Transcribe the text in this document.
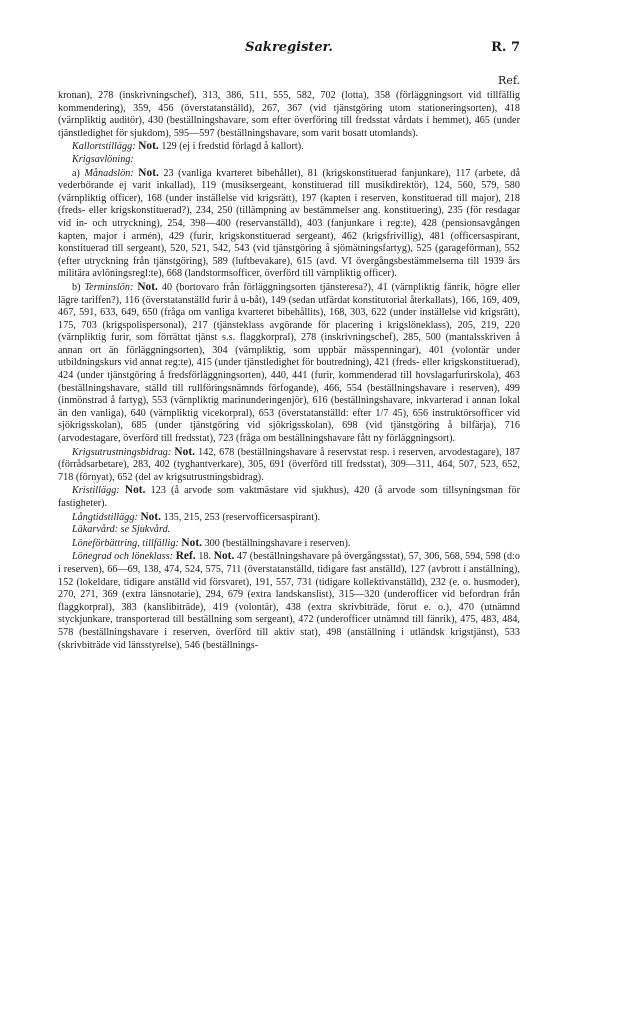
Sakregister.	R. 7
Ref.

kronan), 278 (inskrivningschef), 313, 386, 511, 555, 582, 702 (lotta), 358 (förläggningsort vid tillfällig kommendering), 359, 456 (överstatanställd), 267, 367 (vid tjänstgöring utom stationeringsorten), 418 (värnpliktig auditör), 430 (beställningshavare, som efter överföring till fredsstat vårdats i hemmet), 465 (under tjänstledighet för sjukdom), 595—597 (beställningshavare, som varit bosatt utomlands).

Kallortstillägg: Not. 129 (ej i fredstid förlagd å kallort).

Krigsavlöning:

a) Månadslön: Not. 23 (vanliga kvarteret bibehållet), 81 (krigskonstituerad fanjunkare), 117 (arbete, då vederbörande ej varit inkallad), 119 (musiksergeant, konstituerad till musikdirektör), 124, 560, 579, 580 (värnpliktig officer), 168 (under inställelse vid krigsrätt), 197 (kapten i reserven, konstituerad till major), 218 (freds- eller krigskonstituerad?), 234, 250 (tillämpning av bestämmelser ang. konstituering), 235 (för resdagar vid in- och utryckning), 254, 398—400 (reservanställd), 403 (fanjunkare i reg:te), 428 (pensionsavgången kapten, major i armén), 429 (furir, krigskonstituerad sergeant), 462 (krigsfrivillig), 481 (officersaspirant, konstituerad till sergeant), 520, 521, 542, 543 (vid tjänstgöring å sjömätningsfartyg), 525 (garageförman), 552 (efter utryckning från tjänstgöring), 589 (luftbevakare), 615 (avd. VI övergångsbestämmelserna till 1939 års militära avlöningsregl:te), 668 (landstormsofficer, överförd till värnpliktig officer).

b) Terminslön: Not. 40 (bortovaro från förläggningsorten tjänsteresa?), 41 (värnpliktig fänrik, högre eller lägre tariffen?), 116 (överstatanställd furir å u-båt), 149 (sedan utfärdat konstitutorial återkallats), 166, 169, 409, 467, 591, 633, 649, 650 (fråga om vanliga kvarteret bibehållits), 168, 303, 622 (under inställelse vid krigsrätt), 175, 703 (krigspolispersonal), 217 (tjänsteklass avgörande för placering i krigslöneklass), 205, 219, 220 (värnpliktig furir, som förrättat tjänst s.s. flaggkorpral), 278 (inskrivningschef), 285, 500 (mantalsskriven å annan ort än förläggningsorten), 304 (värnpliktig, som uppbär mässpenningar), 401 (volontär under utbildningskurs vid annat reg:te), 415 (under tjänstledighet för boutredning), 421 (freds- eller krigskonstituerad), 424 (under tjänstgöring å fredsförläggningsorten), 440, 441 (furir, kommenderad till hovslagarfurirskola), 463 (beställningshavare, ställd till rullföringsnämnds förfogande), 466, 554 (beställningshavare i reserven), 499 (inmönstrad å fartyg), 553 (värnpliktig marinunderingenjör), 616 (beställningshavare, inkvarterad i annan lokal än den vanliga), 640 (värnpliktig vicekorpral), 653 (överstatanställd: efter 1/7 45), 656 instruktörsofficer vid sjökrigsskolan), 685 (under tjänstgöring vid sjökrigsskolan), 698 (vid tjänstgöring å bilfärja), 716 (arvodestagare, överförd till fredsstat), 723 (fråga om beställningshavare fått ny förläggningsort).

Krigsutrustningsbidrag: Not. 142, 678 (beställningshavare å reservstat resp. i reserven, arvodestagare), 187 (förrådsarbetare), 283, 402 (tyghantverkare), 305, 691 (överförd till fredsstat), 309—311, 464, 507, 523, 652, 718 (förnyat), 652 (del av krigsutrustningsbidrag).

Kristillägg: Not. 123 (å arvode som vaktmästare vid sjukhus), 420 (å arvode som tillsyningsman för fastigheter).

Långtidstillägg: Not. 135, 215, 253 (reservofficersaspirant).

Läkarvård: se Sjukvård.

Löneförbättring, tillfällig: Not. 300 (beställningshavare i reserven).

Lönegrad och löneklass: Ref. 18. Not. 47 (beställningshavare på övergångsstat), 57, 306, 568, 594, 598 (d:o i reserven), 66—69, 138, 474, 524, 575, 711 (överstatanställd, tidigare fast anställd), 127 (avbrott i anställning), 152 (lokeldare, tidigare anställd vid försvaret), 191, 557, 731 (tidigare kollektivanställd), 232 (e. o. husmoder), 270, 271, 369 (extra länsnotarie), 294, 679 (extra landskanslist), 315—320 (underofficer vid befordran från flaggkorpral), 383 (kanslibiträde), 419 (volontär), 438 (extra skrivbiträde, förut e. o.), 470 (utnämnd styckjunkare, transporterad till beställning som sergeant), 472 (underofficer utnämnd till fänrik), 475, 483, 484, 578 (beställningshavare i reserven, överförd till aktiv stat), 498 (anställning i utländsk krigstjänst), 533 (skrivbiträde vid länsstyrelse), 546 (beställnings-
